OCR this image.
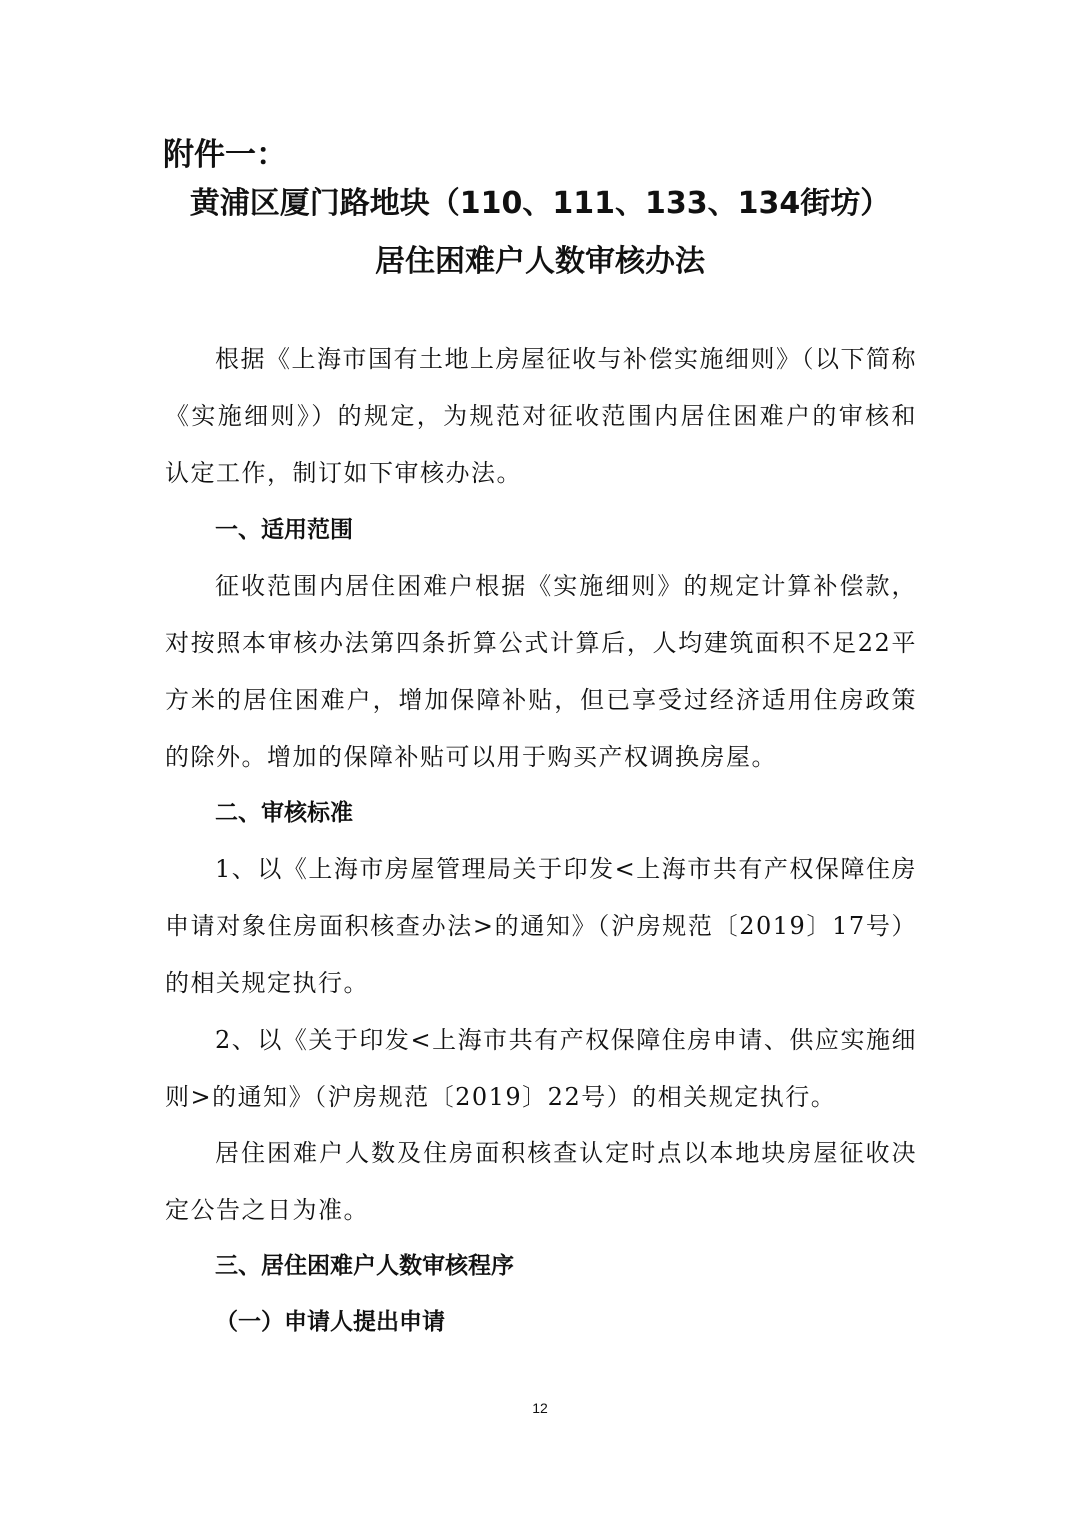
附件一：
黄浦区厦门路地块（110、111、133、134街坊）
居住困难户人数审核办法

根据《上海市国有土地上房屋征收与补偿实施细则》（以下简称《实施细则》）的规定，为规范对征收范围内居住困难户的审核和认定工作，制订如下审核办法。

一、适用范围

征收范围内居住困难户根据《实施细则》的规定计算补偿款，对按照本审核办法第四条折算公式计算后，人均建筑面积不足22平方米的居住困难户，增加保障补贴，但已享受过经济适用住房政策的除外。增加的保障补贴可以用于购买产权调换房屋。

二、审核标准

1、以《上海市房屋管理局关于印发<上海市共有产权保障住房申请对象住房面积核查办法>的通知》（沪房规范〔2019〕17号）的相关规定执行。

2、以《关于印发<上海市共有产权保障住房申请、供应实施细则>的通知》（沪房规范〔2019〕22号）的相关规定执行。

居住困难户人数及住房面积核查认定时点以本地块房屋征收决定公告之日为准。

三、居住困难户人数审核程序
（一）申请人提出申请

12
